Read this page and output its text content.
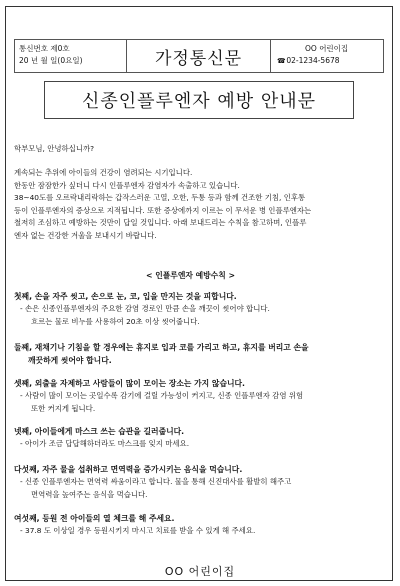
통신번호 제0호
20 년 월 일(0요일)	가정통신문	OO 어린이집
☎ 02-1234-5678
신종인플루엔자 예방 안내문
학부모님, 안녕하십니까?
계속되는 추위에 아이들의 건강이 염려되는 시기입니다.
한동안 잠잠한가 싶더니 다시 인플루엔자 감염자가 속출하고 있습니다.
38~40도를 오르락내리락하는 갑작스러운 고열, 오한, 두통 등과 함께 건조한 기침, 인후통
등이 인플루엔자의 증상으로 지적됩니다. 또한 증상에까지 이르는 이 무서운 병 인플루엔자는
철저히 조심하고 예방하는 것만이 답일 것입니다. 아래 보내드리는 수칙을 참고하며, 인플루
엔자 없는 건강한 겨울을 보내시기 바랍니다.
< 인플루엔자 예방수칙 >
첫째, 손을 자주 씻고, 손으로 눈, 코, 입을 만지는 것을 피합니다.
- 손은 신종인플루엔자의 주요한 감염 경로인 만큼 손을 깨끗이 씻어야 합니다.
흐르는 물로 비누를 사용하여 20초 이상 씻어줍니다.
둘째, 재채기나 기침을 할 경우에는 휴지로 입과 코를 가리고 하고, 휴지를 버리고 손을
깨끗하게 씻어야 합니다.
셋째, 외출을 자제하고 사람들이 많이 모이는 장소는 가지 않습니다.
- 사람이 많이 모이는 곳일수록 감기에 걸릴 가능성이 커지고, 신종 인플루엔자 감염 위험
또한 커지게 됩니다.
넷째, 아이들에게 마스크 쓰는 습관을 길러줍니다.
- 아이가 조금 답답해하더라도 마스크를 잊지 마세요.
다섯째, 자주 물을 섭취하고 면역력을 증가시키는 음식을 먹습니다.
- 신종 인플루엔자는 면역력 싸움이라고 합니다. 물을 통해 신진대사를 활발히 해주고
면역력을 높여주는 음식을 먹습니다.
여섯째, 등원 전 아이들의 열 체크를 해 주세요.
- 37.8 도 이상일 경우 등원시키지 마시고 치료를 받을 수 있게 해 주세요.
OO 어린이집
